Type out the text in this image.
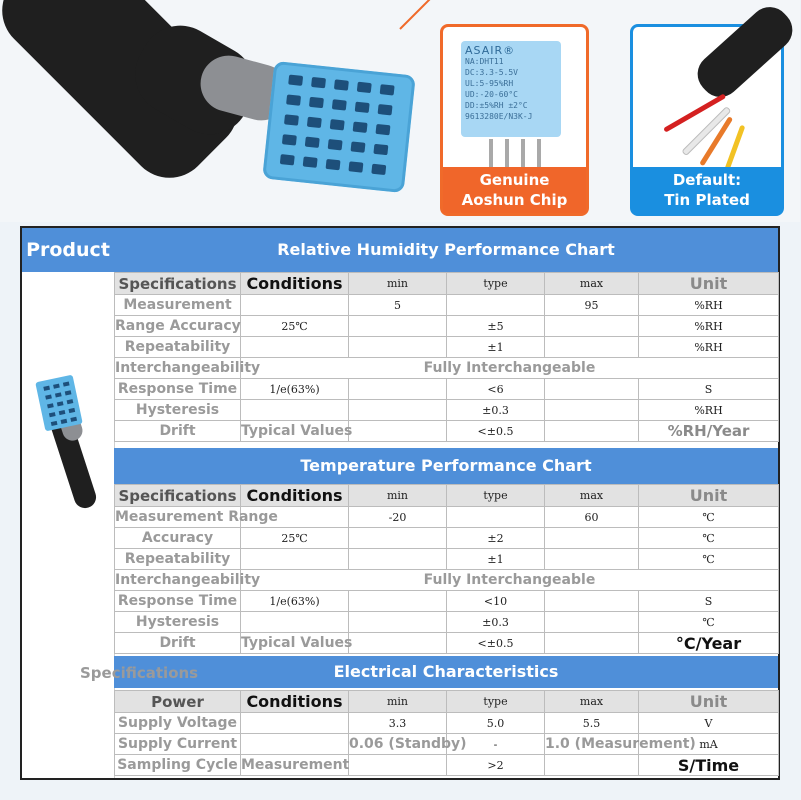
ASAIR®
NA:DHT11
DC:3.3-5.5V
UL:5-95%RH
UD:-20-60°C
DD:±5%RH ±2°C
9613280E/N3K-J
Genuine
Aoshun Chip
Default:
Tin Plated
Product	Relative Humidity Performance Chart
Specifications	Conditions	min	type	max	Unit
Measurement		5		95	%RH
Range Accuracy	25℃		±5		%RH
Repeatability			±1		%RH
Interchangeability	Fully Interchangeable				
Response Time	1/e(63%)		<6		S
Hysteresis			±0.3		%RH
Drift	Typical Values		<±0.5		%RH/Year
Temperature Performance Chart
Specifications	Conditions	min	type	max	Unit
Measurement Range		-20		60	℃
Accuracy	25℃		±2		℃
Repeatability			±1		℃
Interchangeability	Fully Interchangeable				
Response Time	1/e(63%)		<10		S
Hysteresis			±0.3		℃
Drift	Typical Values		<±0.5		°C/Year
Electrical Characteristics
Specifications
Power	Conditions	min	type	max	Unit
Supply Voltage		3.3	5.0	5.5	V
Supply Current		0.06 (Standby)	-	1.0 (Measurement)	mA
Sampling Cycle	Measurement		>2		S/Time
